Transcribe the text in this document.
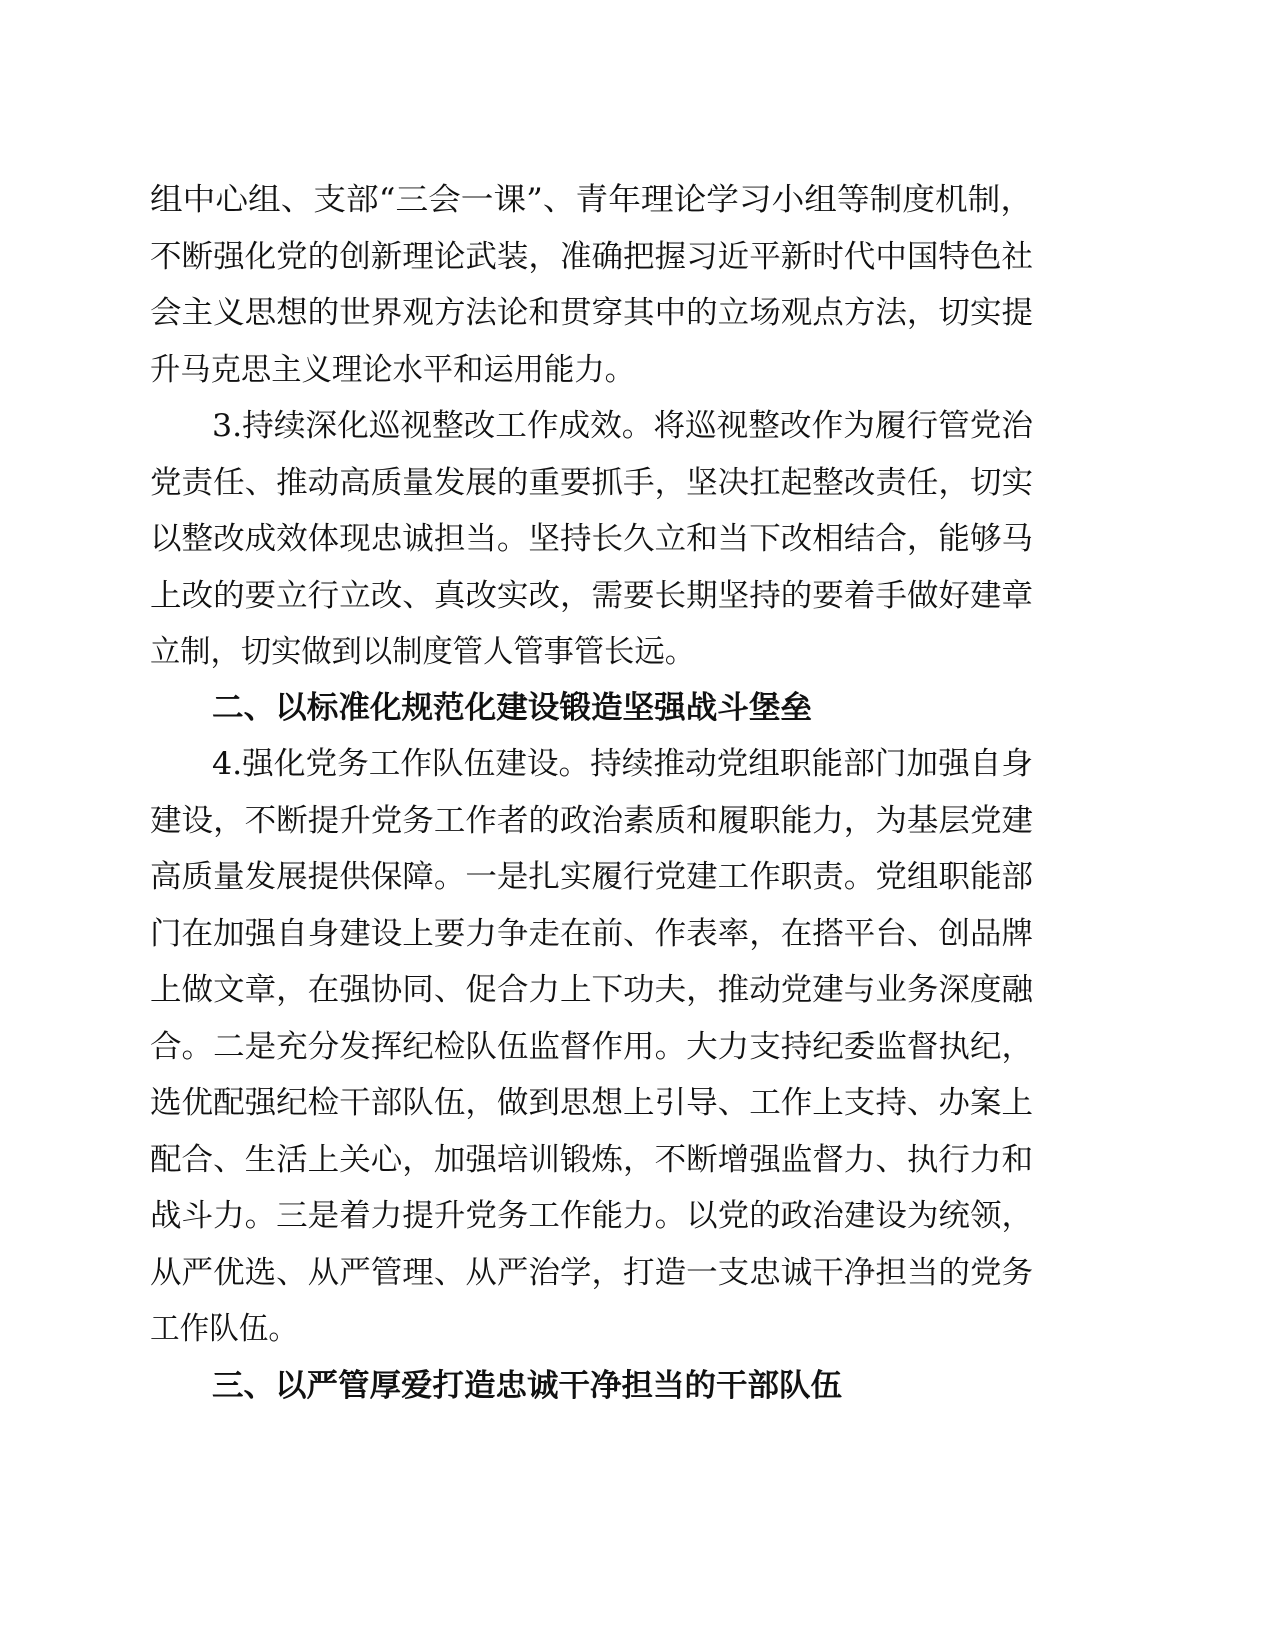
组中心组、支部“三会一课”、青年理论学习小组等制度机制，
不断强化党的创新理论武装，准确把握习近平新时代中国特色社
会主义思想的世界观方法论和贯穿其中的立场观点方法，切实提
升马克思主义理论水平和运用能力。
3.持续深化巡视整改工作成效。将巡视整改作为履行管党治
党责任、推动高质量发展的重要抓手，坚决扛起整改责任，切实
以整改成效体现忠诚担当。坚持长久立和当下改相结合，能够马
上改的要立行立改、真改实改，需要长期坚持的要着手做好建章
立制，切实做到以制度管人管事管长远。
二、以标准化规范化建设锻造坚强战斗堡垒
4.强化党务工作队伍建设。持续推动党组职能部门加强自身
建设，不断提升党务工作者的政治素质和履职能力，为基层党建
高质量发展提供保障。一是扎实履行党建工作职责。党组职能部
门在加强自身建设上要力争走在前、作表率，在搭平台、创品牌
上做文章，在强协同、促合力上下功夫，推动党建与业务深度融
合。二是充分发挥纪检队伍监督作用。大力支持纪委监督执纪，
选优配强纪检干部队伍，做到思想上引导、工作上支持、办案上
配合、生活上关心，加强培训锻炼，不断增强监督力、执行力和
战斗力。三是着力提升党务工作能力。以党的政治建设为统领，
从严优选、从严管理、从严治学，打造一支忠诚干净担当的党务
工作队伍。
三、以严管厚爱打造忠诚干净担当的干部队伍
